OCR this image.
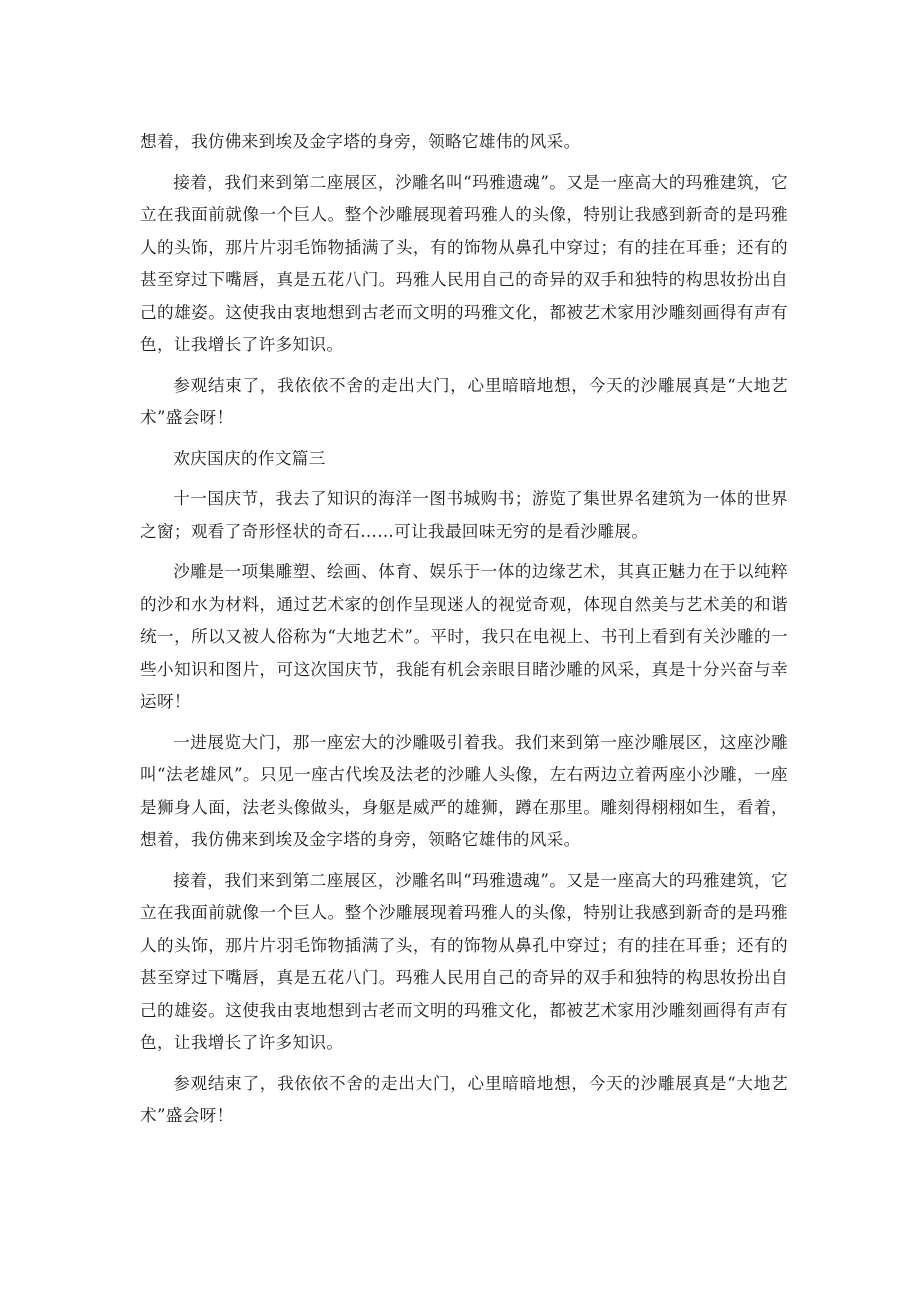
想着，我仿佛来到埃及金字塔的身旁，领略它雄伟的风采。

接着，我们来到第二座展区，沙雕名叫“玛雅遗魂”。又是一座高大的玛雅建筑，它立在我面前就像一个巨人。整个沙雕展现着玛雅人的头像，特别让我感到新奇的是玛雅人的头饰，那片片羽毛饰物插满了头，有的饰物从鼻孔中穿过；有的挂在耳垂；还有的甚至穿过下嘴唇，真是五花八门。玛雅人民用自己的奇异的双手和独特的构思妆扮出自己的雄姿。这使我由衷地想到古老而文明的玛雅文化，都被艺术家用沙雕刻画得有声有色，让我增长了许多知识。

参观结束了，我依依不舍的走出大门，心里暗暗地想，今天的沙雕展真是“大地艺术”盛会呀！

欢庆国庆的作文篇三

十一国庆节，我去了知识的海洋一图书城购书；游览了集世界名建筑为一体的世界之窗；观看了奇形怪状的奇石……可让我最回味无穷的是看沙雕展。

沙雕是一项集雕塑、绘画、体育、娱乐于一体的边缘艺术，其真正魅力在于以纯粹的沙和水为材料，通过艺术家的创作呈现迷人的视觉奇观，体现自然美与艺术美的和谐统一，所以又被人俗称为“大地艺术”。平时，我只在电视上、书刊上看到有关沙雕的一些小知识和图片，可这次国庆节，我能有机会亲眼目睹沙雕的风采，真是十分兴奋与幸运呀！

一进展览大门，那一座宏大的沙雕吸引着我。我们来到第一座沙雕展区，这座沙雕叫“法老雄风”。只见一座古代埃及法老的沙雕人头像，左右两边立着两座小沙雕，一座是狮身人面，法老头像做头，身躯是威严的雄狮，蹲在那里。雕刻得栩栩如生，看着，想着，我仿佛来到埃及金字塔的身旁，领略它雄伟的风采。

接着，我们来到第二座展区，沙雕名叫“玛雅遗魂”。又是一座高大的玛雅建筑，它立在我面前就像一个巨人。整个沙雕展现着玛雅人的头像，特别让我感到新奇的是玛雅人的头饰，那片片羽毛饰物插满了头，有的饰物从鼻孔中穿过；有的挂在耳垂；还有的甚至穿过下嘴唇，真是五花八门。玛雅人民用自己的奇异的双手和独特的构思妆扮出自己的雄姿。这使我由衷地想到古老而文明的玛雅文化，都被艺术家用沙雕刻画得有声有色，让我增长了许多知识。

参观结束了，我依依不舍的走出大门，心里暗暗地想，今天的沙雕展真是“大地艺术”盛会呀！
